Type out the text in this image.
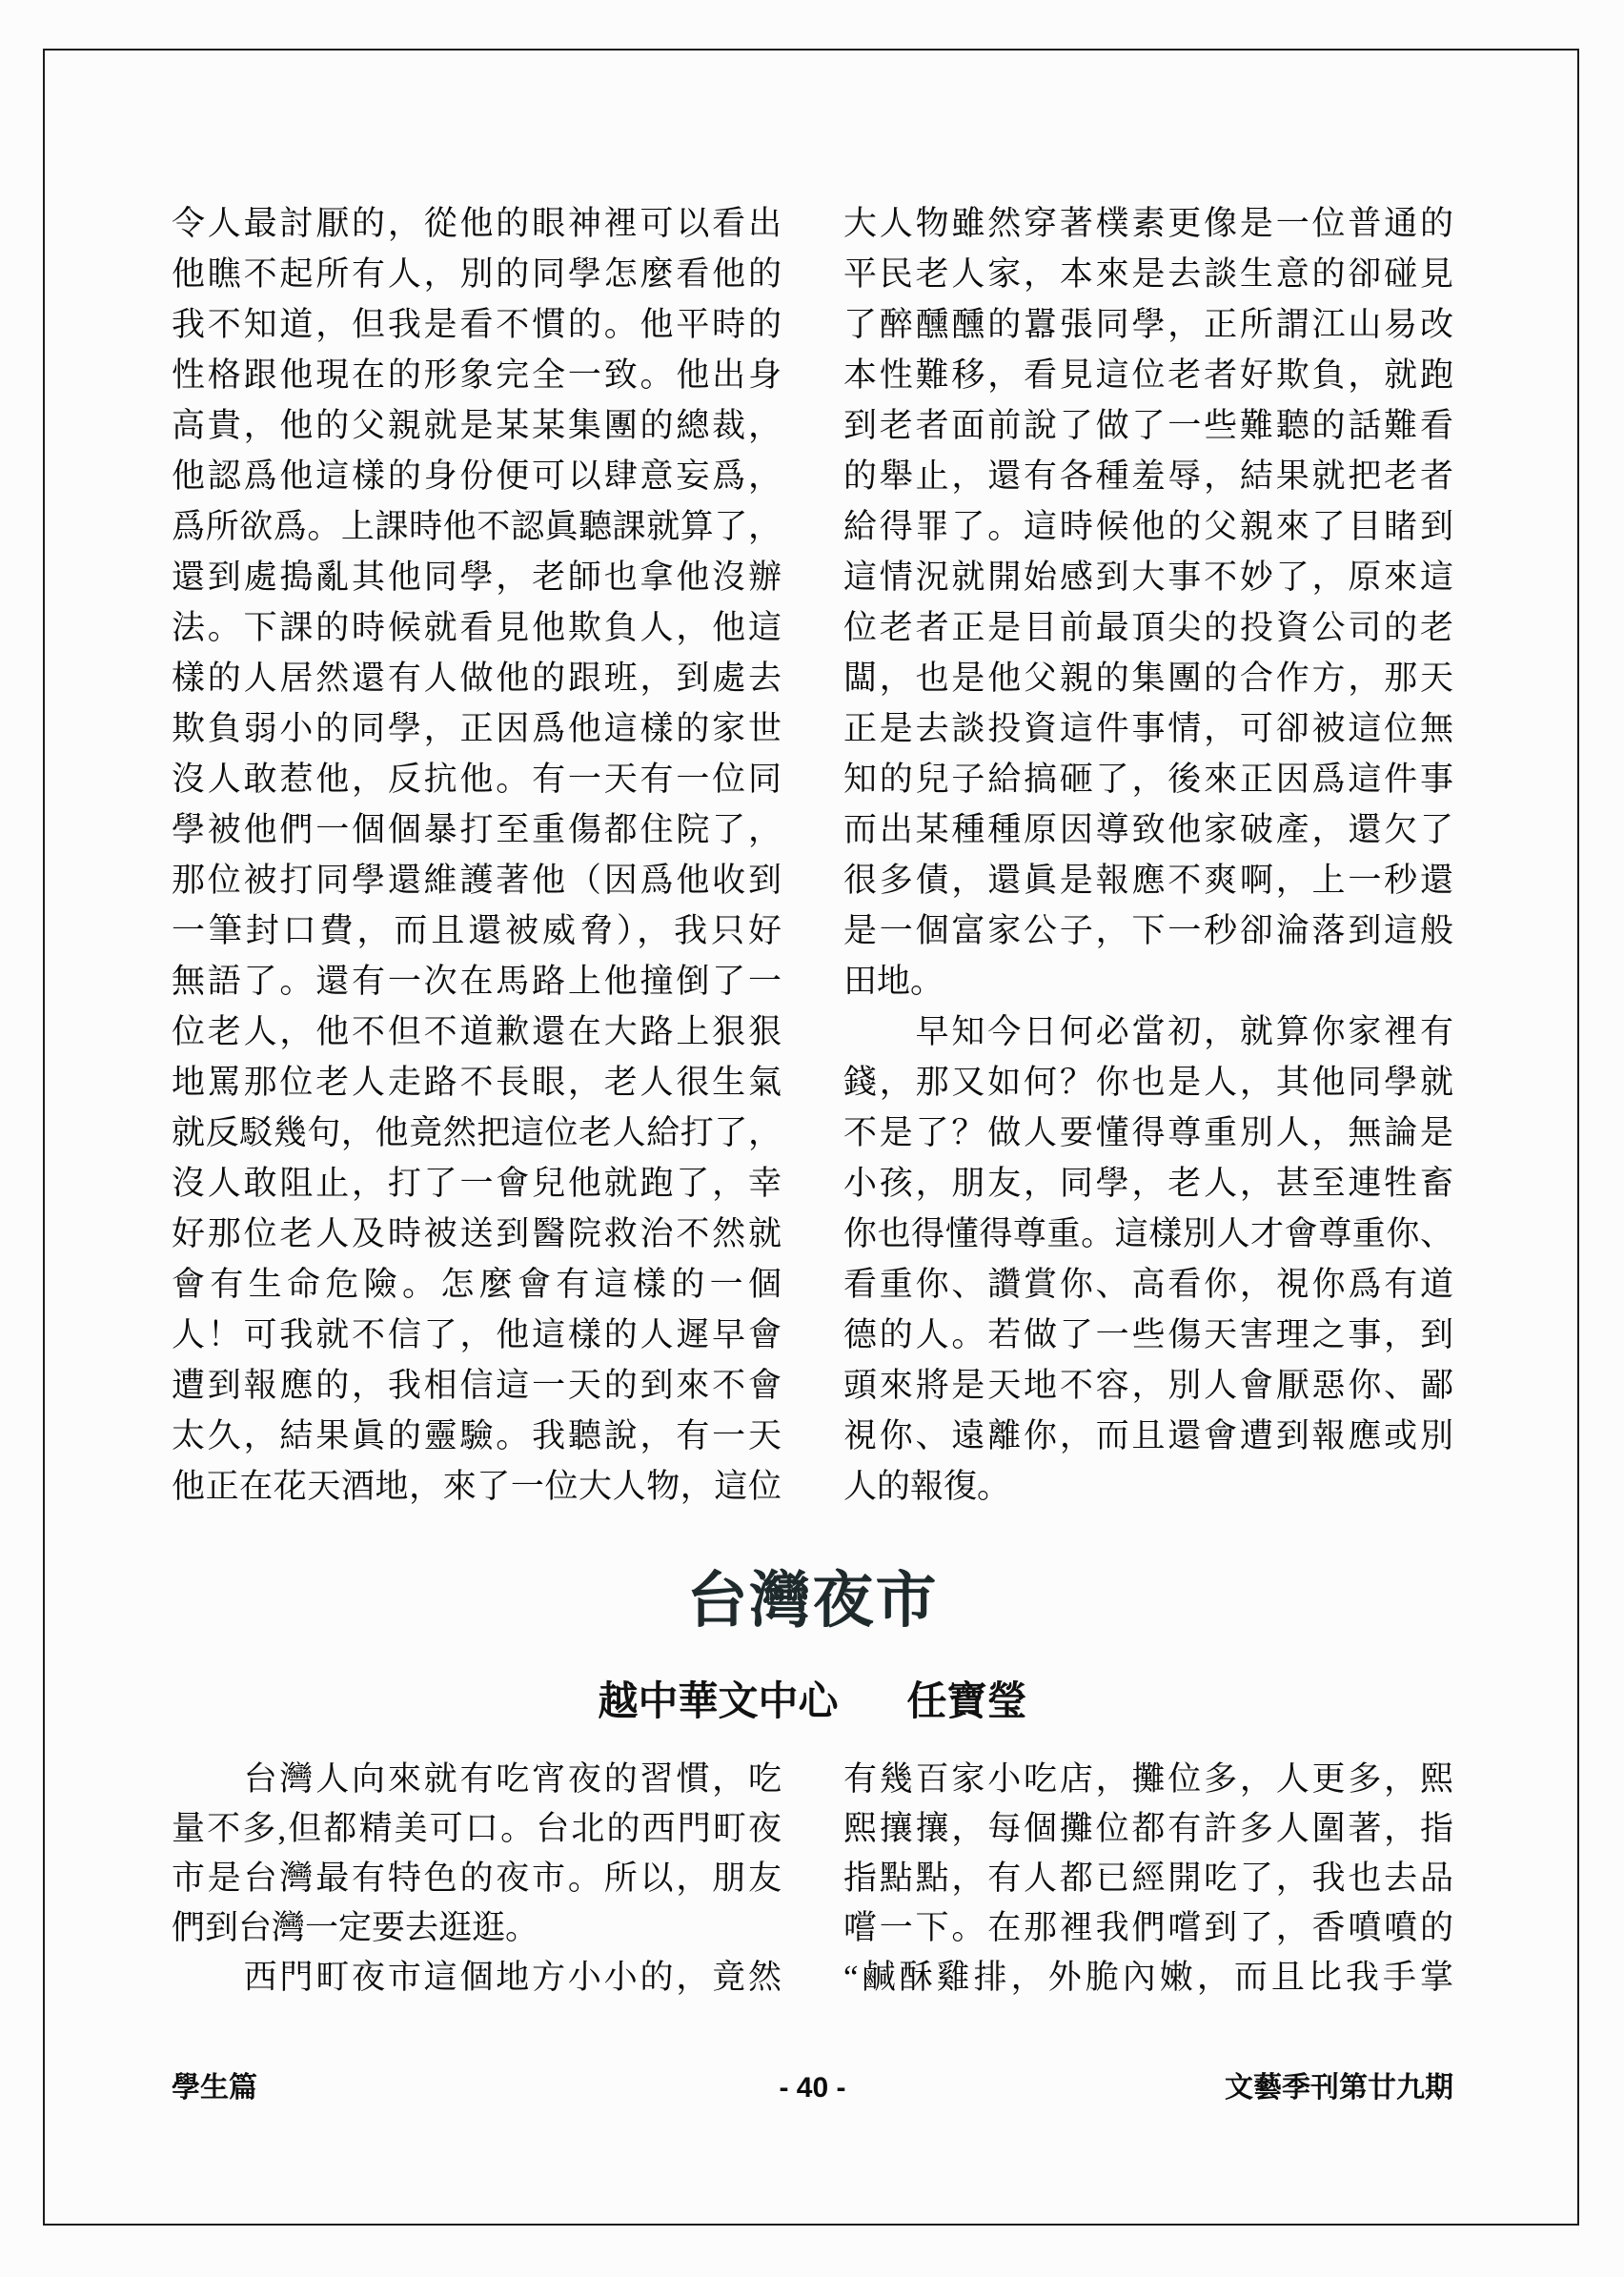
令人最討厭的，從他的眼神裡可以看出
他瞧不起所有人，別的同學怎麼看他的
我不知道，但我是看不慣的。他平時的
性格跟他現在的形象完全一致。他出身
高貴，他的父親就是某某集團的總裁，
他認爲他這樣的身份便可以肆意妄爲，
爲所欲爲。上課時他不認眞聽課就算了，
還到處搗亂其他同學，老師也拿他沒辦
法。下課的時候就看見他欺負人，他這
樣的人居然還有人做他的跟班，到處去
欺負弱小的同學，正因爲他這樣的家世
沒人敢惹他，反抗他。有一天有一位同
學被他們一個個暴打至重傷都住院了，
那位被打同學還維護著他（因爲他收到
一筆封口費，而且還被威脅），我只好
無語了。還有一次在馬路上他撞倒了一
位老人，他不但不道歉還在大路上狠狠
地罵那位老人走路不長眼，老人很生氣
就反駁幾句，他竟然把這位老人給打了，
沒人敢阻止，打了一會兒他就跑了，幸
好那位老人及時被送到醫院救治不然就
會有生命危險。怎麼會有這樣的一個
人！可我就不信了，他這樣的人遲早會
遭到報應的，我相信這一天的到來不會
太久，結果眞的靈驗。我聽說，有一天
他正在花天酒地，來了一位大人物，這位
大人物雖然穿著樸素更像是一位普通的
平民老人家，本來是去談生意的卻碰見
了醉醺醺的囂張同學，正所謂江山易改
本性難移，看見這位老者好欺負，就跑
到老者面前說了做了一些難聽的話難看
的舉止，還有各種羞辱，結果就把老者
給得罪了。這時候他的父親來了目睹到
這情況就開始感到大事不妙了，原來這
位老者正是目前最頂尖的投資公司的老
闆，也是他父親的集團的合作方，那天
正是去談投資這件事情，可卻被這位無
知的兒子給搞砸了，後來正因爲這件事
而出某種種原因導致他家破產，還欠了
很多債，還眞是報應不爽啊，上一秒還
是一個富家公子，下一秒卻淪落到這般
田地。
　　早知今日何必當初，就算你家裡有
錢，那又如何？你也是人，其他同學就
不是了？做人要懂得尊重別人，無論是
小孩，朋友，同學，老人，甚至連牲畜
你也得懂得尊重。這樣別人才會尊重你、
看重你、讚賞你、高看你，視你爲有道
德的人。若做了一些傷天害理之事，到
頭來將是天地不容，別人會厭惡你、鄙
視你、遠離你，而且還會遭到報應或別
人的報復。
台灣夜市
越中華文中心 任寶瑩
　　台灣人向來就有吃宵夜的習慣，吃
量不多,但都精美可口。台北的西門町夜
市是台灣最有特色的夜市。所以，朋友
們到台灣一定要去逛逛。
　　西門町夜市這個地方小小的，竟然
有幾百家小吃店，攤位多，人更多，熙
熙攘攘，每個攤位都有許多人圍著，指
指點點，有人都已經開吃了，我也去品
嚐一下。在那裡我們嚐到了，香噴噴的
“鹹酥雞排，外脆內嫩，而且比我手掌
學生篇	- 40 -	文藝季刊第廿九期
